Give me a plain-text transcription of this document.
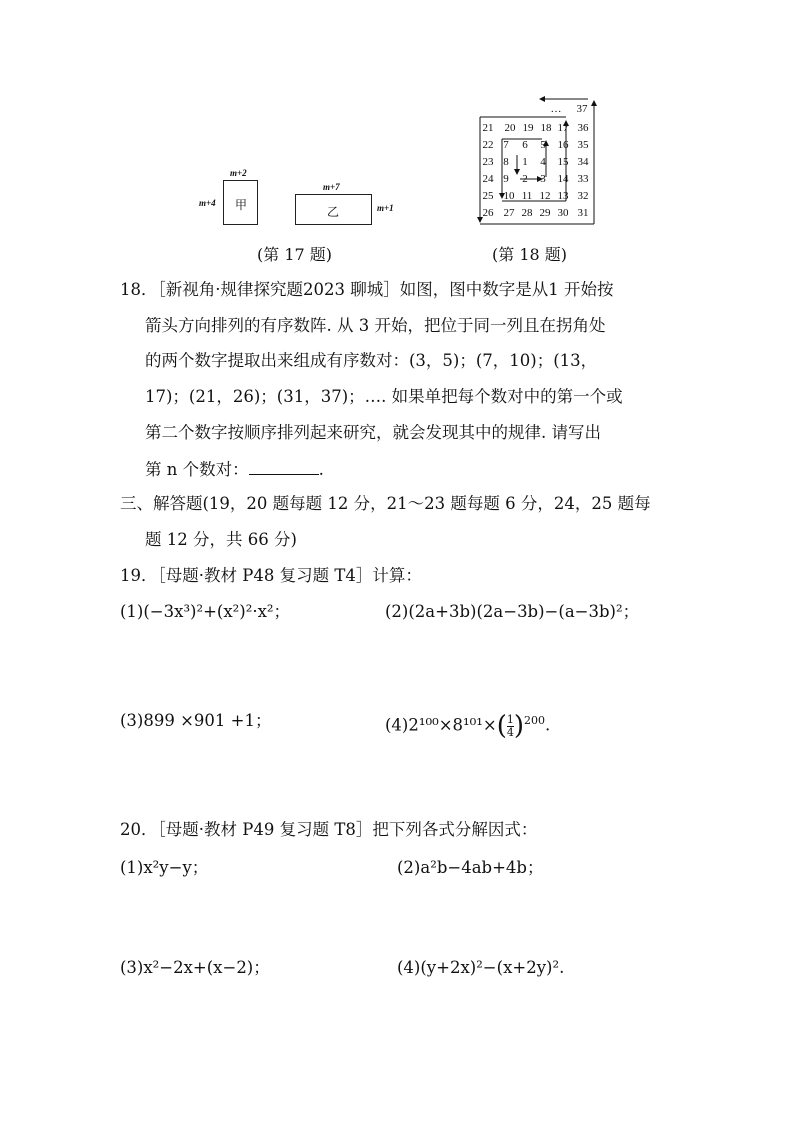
m+2
m+4 甲
m+7
乙	m+1
(第 17 题)
…	37
21	20 19 18 17 36
22 7	6	5	16 35
23 8	1	4	15 34
24 9	2	3	14 33
25 10 11 12 13 32
26 27 28 29 30 31
(第 18 题)
18．［新视角·规律探究题2023 聊城］如图，图中数字是从1 开始按
箭头方向排列的有序数阵. 从 3 开始，把位于同一列且在拐角处
的两个数字提取出来组成有序数对：(3，5)；(7，10)；(13，
17)；(21，26)；(31，37)；…. 如果单把每个数对中的第一个或
第二个数字按顺序排列起来研究，就会发现其中的规律. 请写出
第 n 个数对：	.
三、解答题(19，20 题每题 12 分，21～23 题每题 6 分，24，25 题每
题 12 分，共 66 分)
19．［母题·教材 P48 复习题 T4］计算：
(1)(−3x³)²+(x²)²·x²；	(2)(2a+3b)(2a−3b)−(a−3b)²；
(3)899 ×901 +1；	$(4)2^{100}\times 8^{101}\times( \frac{1}{4} )^{200}$.
20．［母题·教材 P49 复习题 T8］把下列各式分解因式：
(1)x²y−y；	(2)a²b−4ab+4b；
(3)x²−2x+(x−2)；	(4)(y+2x)²−(x+2y)².
